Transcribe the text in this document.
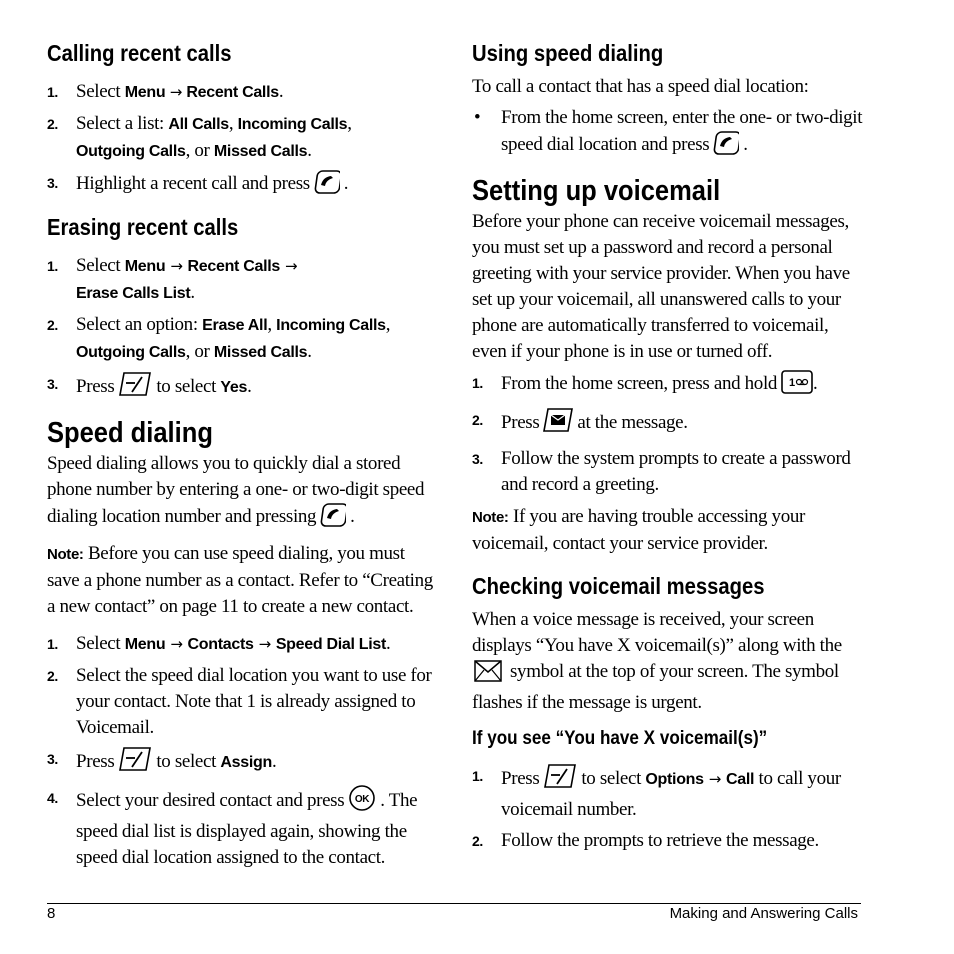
Calling recent calls
1. Select Menu → Recent Calls.
2. Select a list: All Calls, Incoming Calls,
Outgoing Calls, or Missed Calls.
3. Highlight a recent call and press .
Erasing recent calls
1. Select Menu → Recent Calls →
Erase Calls List.
2. Select an option: Erase All, Incoming Calls,
Outgoing Calls, or Missed Calls.
3. Press to select Yes.
Speed dialing

Speed dialing allows you to quickly dial a stored phone number by entering a one- or two-digit speed dialing location number and pressing .

Note: Before you can use speed dialing, you must save a phone number as a contact. Refer to “Creating a new contact” on page 11 to create a new contact.

1. Select Menu → Contacts → Speed Dial List.
2. Select the speed dial location you want to use for your contact. Note that 1 is already assigned to Voicemail.
3. Press to select Assign.
4. Select your desired contact and press OK . The speed dial list is displayed again, showing the speed dial location assigned to the contact.
Using speed dialing

To call a contact that has a speed dial location:

• From the home screen, enter the one- or two-digit speed dial location and press .
Setting up voicemail

Before your phone can receive voicemail messages, you must set up a password and record a personal greeting with your service provider. When you have set up your voicemail, all unanswered calls to your phone are automatically transferred to voicemail, even if your phone is in use or turned off.

1. From the home screen, press and hold 1 .
2. Press at the message.
3. Follow the system prompts to create a password and record a greeting.

Note: If you are having trouble accessing your voicemail, contact your service provider.

Checking voicemail messages

When a voice message is received, your screen displays “You have X voicemail(s)” along with the
symbol at the top of your screen. The symbol flashes if the message is urgent.

If you see “You have X voicemail(s)”
1. Press to select Options → Call to call your voicemail number.
2. Follow the prompts to retrieve the message.
8	Making and Answering Calls
